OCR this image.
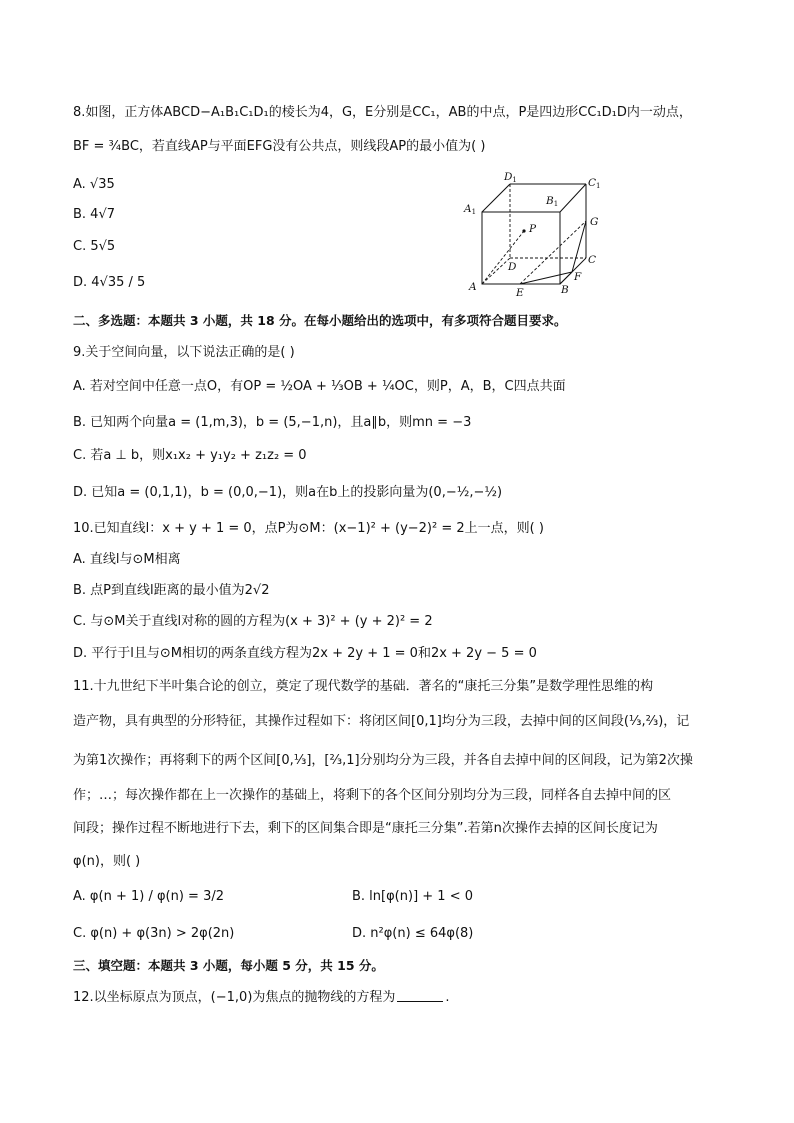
8.如图，正方体ABCD−A₁B₁C₁D₁的棱长为4，G，E分别是CC₁，AB的中点，P是四边形CC₁D₁D内一动点，
BF = ¾BC，若直线AP与平面EFG没有公共点，则线段AP的最小值为( )
A. √35
B. 4√7
C. 5√5
D. 4√35 / 5
D1	C1
A1
B1
P
G
C
D
F
A	B
E
二、多选题：本题共 3 小题，共 18 分。在每小题给出的选项中，有多项符合题目要求。
9.关于空间向量，以下说法正确的是( )
A. 若对空间中任意一点O，有OP = ½OA + ⅓OB + ¼OC，则P，A，B，C四点共面
B. 已知两个向量a = (1,m,3)，b = (5,−1,n)，且a∥b，则mn = −3
C. 若a ⊥ b，则x₁x₂ + y₁y₂ + z₁z₂ = 0
D. 已知a = (0,1,1)，b = (0,0,−1)，则a在b上的投影向量为(0,−½,−½)
10.已知直线l：x + y + 1 = 0，点P为⊙M：(x−1)² + (y−2)² = 2上一点，则( )
A. 直线l与⊙M相离
B. 点P到直线l距离的最小值为2√2
C. 与⊙M关于直线l对称的圆的方程为(x + 3)² + (y + 2)² = 2
D. 平行于l且与⊙M相切的两条直线方程为2x + 2y + 1 = 0和2x + 2y − 5 = 0
11.十九世纪下半叶集合论的创立，奠定了现代数学的基础．著名的“康托三分集”是数学理性思维的构
造产物，具有典型的分形特征，其操作过程如下：将闭区间[0,1]均分为三段，去掉中间的区间段(⅓,⅔)，记
为第1次操作；再将剩下的两个区间[0,⅓]，[⅔,1]分别均分为三段，并各自去掉中间的区间段，记为第2次操
作；…；每次操作都在上一次操作的基础上，将剩下的各个区间分别均分为三段，同样各自去掉中间的区
间段；操作过程不断地进行下去，剩下的区间集合即是“康托三分集”.若第n次操作去掉的区间长度记为
φ(n)，则( )
A. φ(n + 1) / φ(n) = 3/2	B. ln[φ(n)] + 1 < 0
C. φ(n) + φ(3n) > 2φ(2n)	D. n²φ(n) ≤ 64φ(8)
三、填空题：本题共 3 小题，每小题 5 分，共 15 分。
12.以坐标原点为顶点，(−1,0)为焦点的抛物线的方程为	.
